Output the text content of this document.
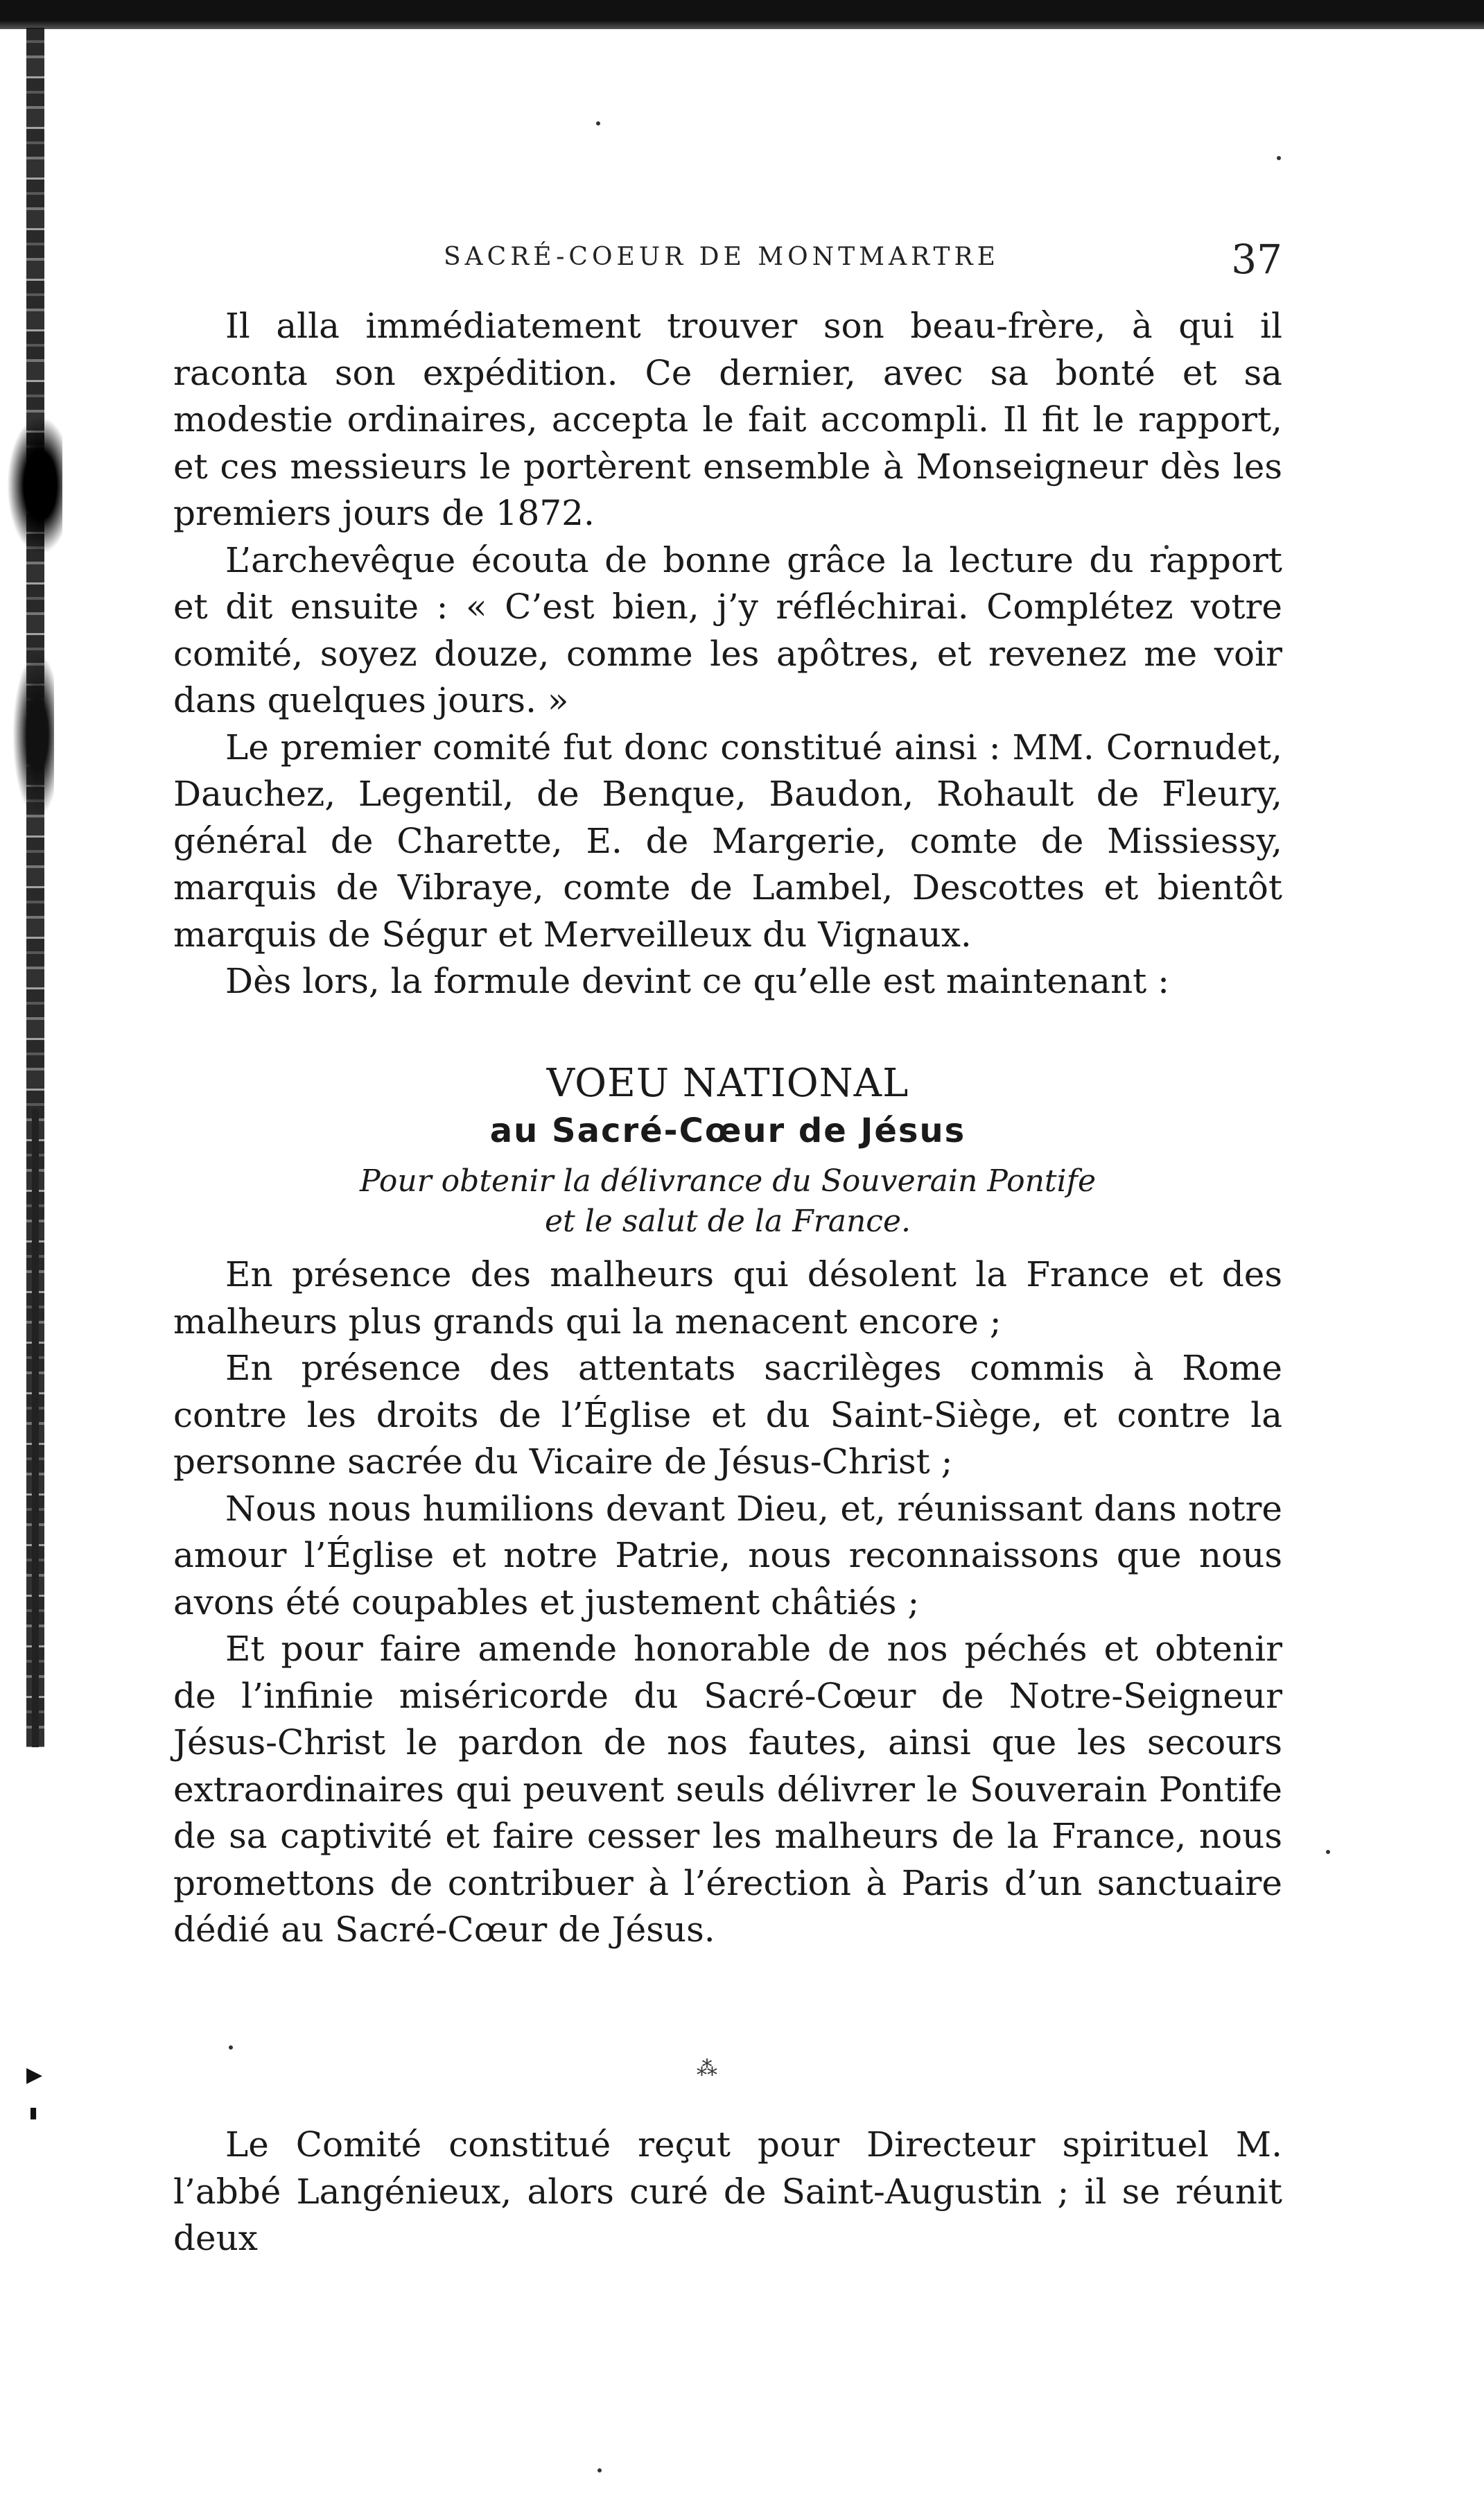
▶
▮
SACRÉ-COEUR DE MONTMARTRE	37

Il alla immédiatement trouver son beau-frère, à qui il raconta son expédition. Ce dernier, avec sa bonté et sa modestie ordinaires, accepta le fait accompli. Il fit le rapport, et ces messieurs le portèrent ensemble à Monseigneur dès les premiers jours de 1872.

L’archevêque écouta de bonne grâce la lecture du rapport et dit ensuite : « C’est bien, j’y réfléchirai. Complétez votre comité, soyez douze, comme les apôtres, et revenez me voir dans quelques jours. »

Le premier comité fut donc constitué ainsi : MM. Cornudet, Dauchez, Legentil, de Benque, Baudon, Rohault de Fleury, général de Charette, E. de Margerie, comte de Missiessy, marquis de Vibraye, comte de Lambel, Descottes et bientôt marquis de Ségur et Merveilleux du Vignaux.

Dès lors, la formule devint ce qu’elle est maintenant :

VOEU NATIONAL
au Sacré-Cœur de Jésus
Pour obtenir la délivrance du Souverain Pontife
et le salut de la France.

En présence des malheurs qui désolent la France et des malheurs plus grands qui la menacent encore ;

En présence des attentats sacrilèges commis à Rome contre les droits de l’Église et du Saint-Siège, et contre la personne sacrée du Vicaire de Jésus-Christ ;

Nous nous humilions devant Dieu, et, réunissant dans notre amour l’Église et notre Patrie, nous reconnaissons que nous avons été coupables et justement châtiés ;

Et pour faire amende honorable de nos péchés et obtenir de l’infinie miséricorde du Sacré-Cœur de Notre-Seigneur Jésus-Christ le pardon de nos fautes, ainsi que les secours extraordinaires qui peuvent seuls délivrer le Souverain Pontife de sa captivité et faire cesser les malheurs de la France, nous promettons de contribuer à l’érection à Paris d’un sanctuaire dédié au Sacré-Cœur de Jésus.

⁂

Le Comité constitué reçut pour Directeur spirituel M. l’abbé Langénieux, alors curé de Saint-Augustin ; il se réunit deux
